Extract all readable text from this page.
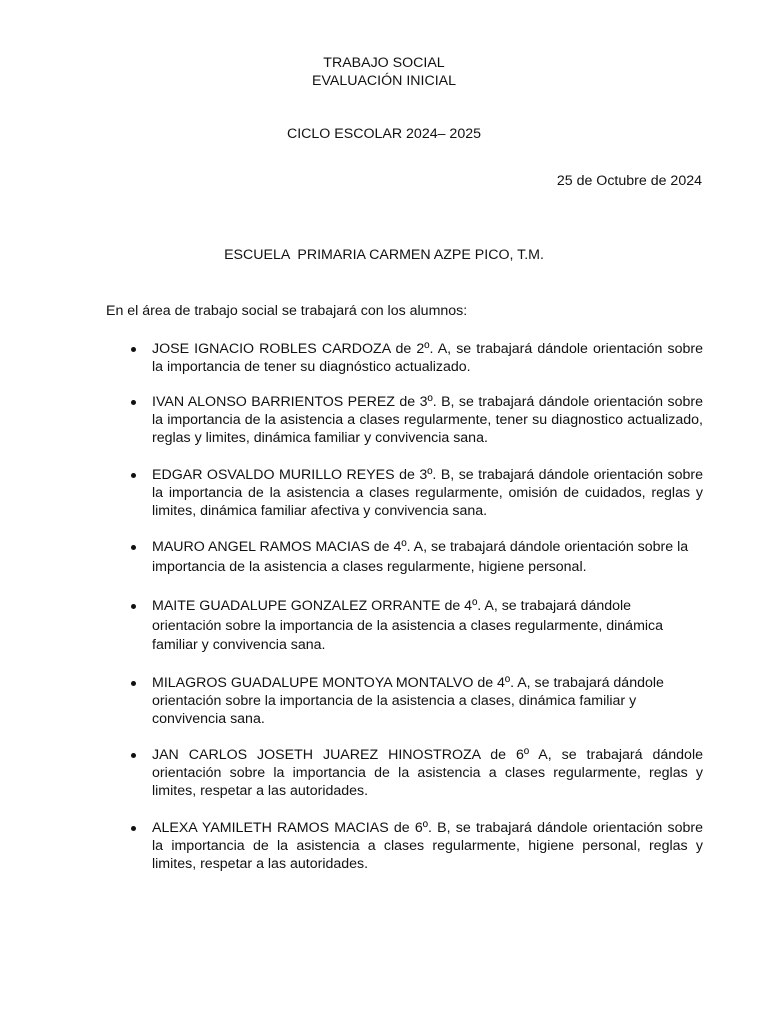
TRABAJO SOCIAL

EVALUACIÓN INICIAL

CICLO ESCOLAR 2024– 2025

25 de Octubre de 2024

ESCUELA  PRIMARIA CARMEN AZPE PICO, T.M.

En el área de trabajo social se trabajará con los alumnos:

JOSE IGNACIO ROBLES CARDOZA de 2º. A, se trabajará dándole orientación sobre la importancia de tener su diagnóstico actualizado.
IVAN ALONSO BARRIENTOS PEREZ de 3º. B, se trabajará dándole orientación sobre la importancia de la asistencia a clases regularmente, tener su diagnostico actualizado, reglas y limites, dinámica familiar y convivencia sana.
EDGAR OSVALDO MURILLO REYES de 3º. B, se trabajará dándole orientación sobre la importancia de la asistencia a clases regularmente, omisión de cuidados, reglas y limites, dinámica familiar afectiva y convivencia sana.
MAURO ANGEL RAMOS MACIAS de 4º. A, se trabajará dándole orientación sobre la importancia de la asistencia a clases regularmente, higiene personal.
MAITE GUADALUPE GONZALEZ ORRANTE de 4º. A, se trabajará dándole orientación sobre la importancia de la asistencia a clases regularmente, dinámica familiar y convivencia sana.
MILAGROS GUADALUPE MONTOYA MONTALVO de 4º. A, se trabajará dándole orientación sobre la importancia de la asistencia a clases, dinámica familiar y convivencia sana.
JAN CARLOS JOSETH JUAREZ HINOSTROZA de 6º A, se trabajará dándole orientación sobre la importancia de la asistencia a clases regularmente, reglas y limites, respetar a las autoridades.
ALEXA YAMILETH RAMOS MACIAS de 6º. B, se trabajará dándole orientación sobre la importancia de la asistencia a clases regularmente, higiene personal, reglas y limites, respetar a las autoridades.
